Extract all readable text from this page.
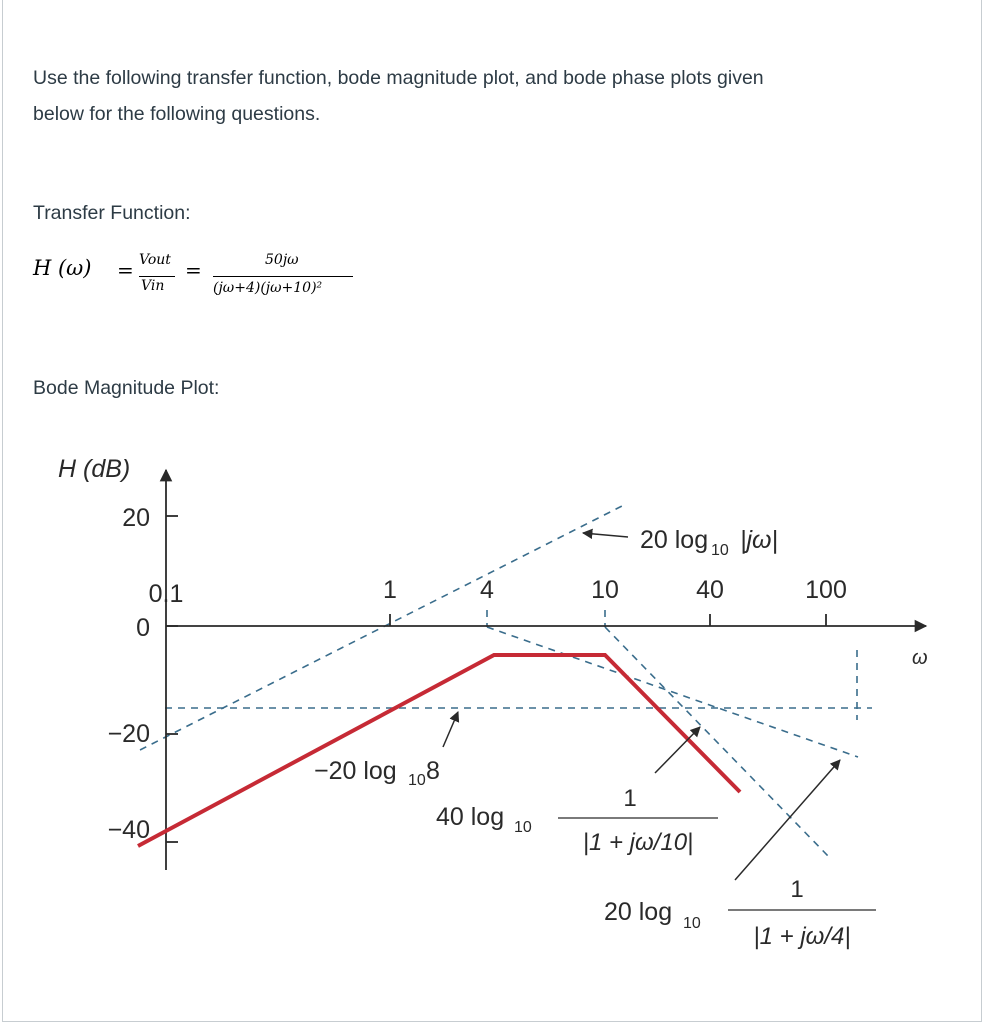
Use the following transfer function, bode magnitude plot, and bode phase plots given
below for the following questions.

Transfer Function:

H (ω) = Vout
Vin
=	50jω
(jω+4)(jω+10)²

Bode Magnitude Plot:

H (dB)
ω
20
0
−20
−40
0.1	1	4	10	40	100
20 log 10 |jω|
−20 log 10 8
40 log 10
1
|1 + jω/10|
20 log 10
1
|1 + jω/4|
